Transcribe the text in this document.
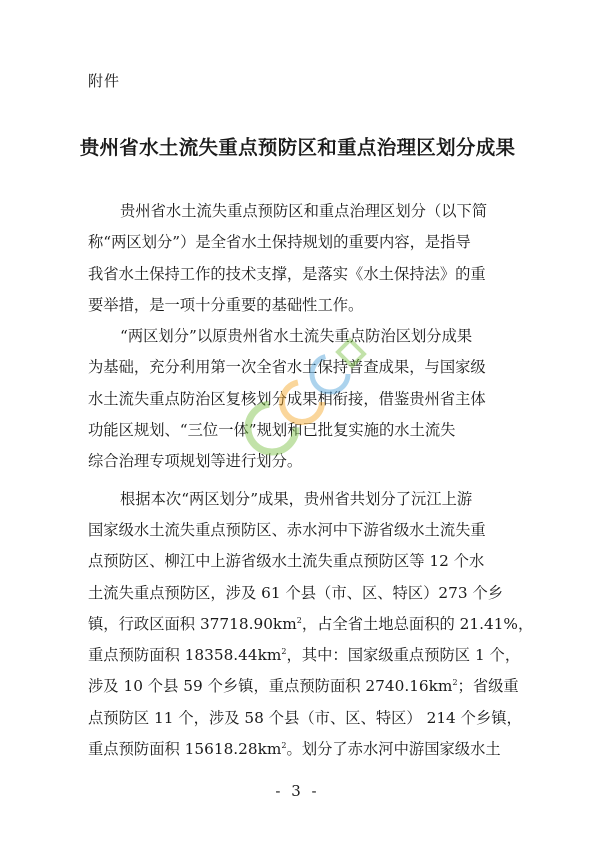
附件
贵州省水土流失重点预防区和重点治理区划分成果

贵州省水土流失重点预防区和重点治理区划分（以下简

称“两区划分”）是全省水土保持规划的重要内容，是指导

我省水土保持工作的技术支撑，是落实《水土保持法》的重

要举措，是一项十分重要的基础性工作。

“两区划分”以原贵州省水土流失重点防治区划分成果

为基础，充分利用第一次全省水土保持普查成果，与国家级

水土流失重点防治区复核划分成果相衔接，借鉴贵州省主体

功能区规划、“三位一体”规划和已批复实施的水土流失

综合治理专项规划等进行划分。

根据本次“两区划分”成果，贵州省共划分了沅江上游

国家级水土流失重点预防区、赤水河中下游省级水土流失重

点预防区、柳江中上游省级水土流失重点预防区等 12 个水

土流失重点预防区，涉及 61 个县（市、区、特区）273 个乡

镇，行政区面积 $37718.90km^2$，占全省土地总面积的 21.41%，

重点预防面积 $18358.44km^2$，其中：国家级重点预防区 1 个，

涉及 10 个县 59 个乡镇，重点预防面积 $2740.16km^2$；省级重

点预防区 11 个，涉及 58 个县（市、区、特区） 214 个乡镇，

重点预防面积 $15618.28km^2$。划分了赤水河中游国家级水土

- 3 -
